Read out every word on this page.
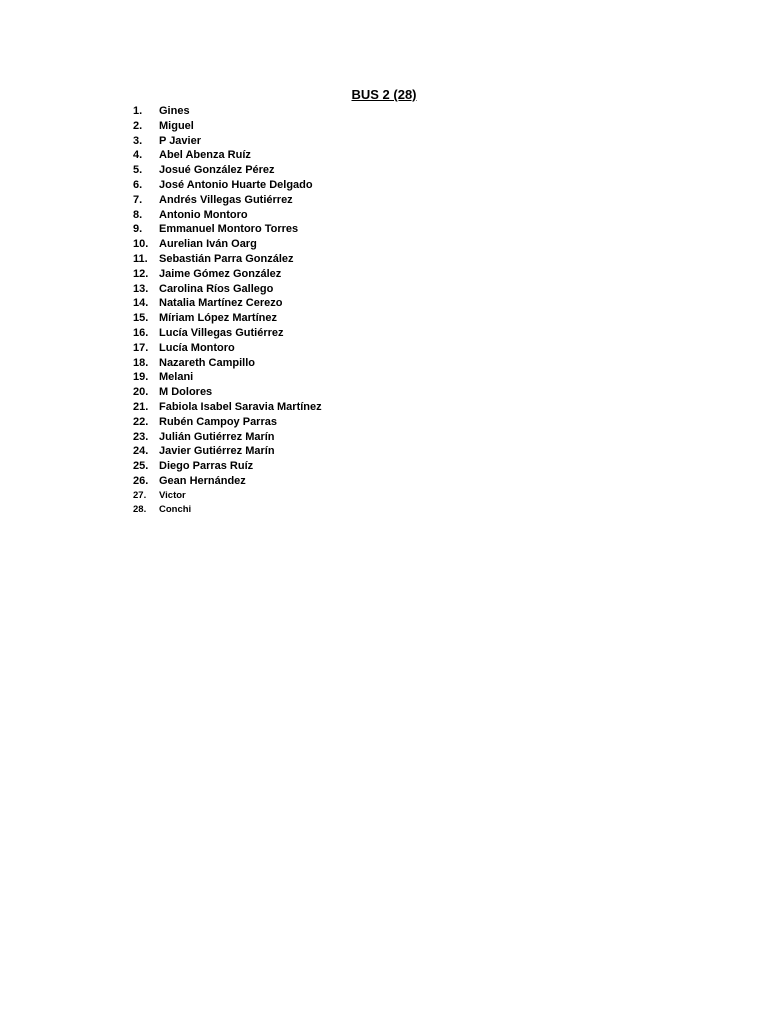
BUS 2 (28)
1. Gines
2. Miguel
3. P Javier
4. Abel Abenza Ruíz
5. Josué González Pérez
6. José Antonio Huarte Delgado
7. Andrés Villegas Gutiérrez
8. Antonio Montoro
9. Emmanuel Montoro Torres
10. Aurelian Iván Oarg
11. Sebastián Parra González
12. Jaime Gómez González
13. Carolina Ríos Gallego
14. Natalia Martínez Cerezo
15. Míriam López Martínez
16. Lucía Villegas Gutiérrez
17. Lucía Montoro
18. Nazareth Campillo
19. Melani
20. M Dolores
21. Fabiola Isabel Saravia Martínez
22. Rubén Campoy Parras
23. Julián Gutiérrez Marín
24. Javier Gutiérrez Marín
25. Diego Parras Ruíz
26. Gean Hernández
27. Victor
28. Conchi
